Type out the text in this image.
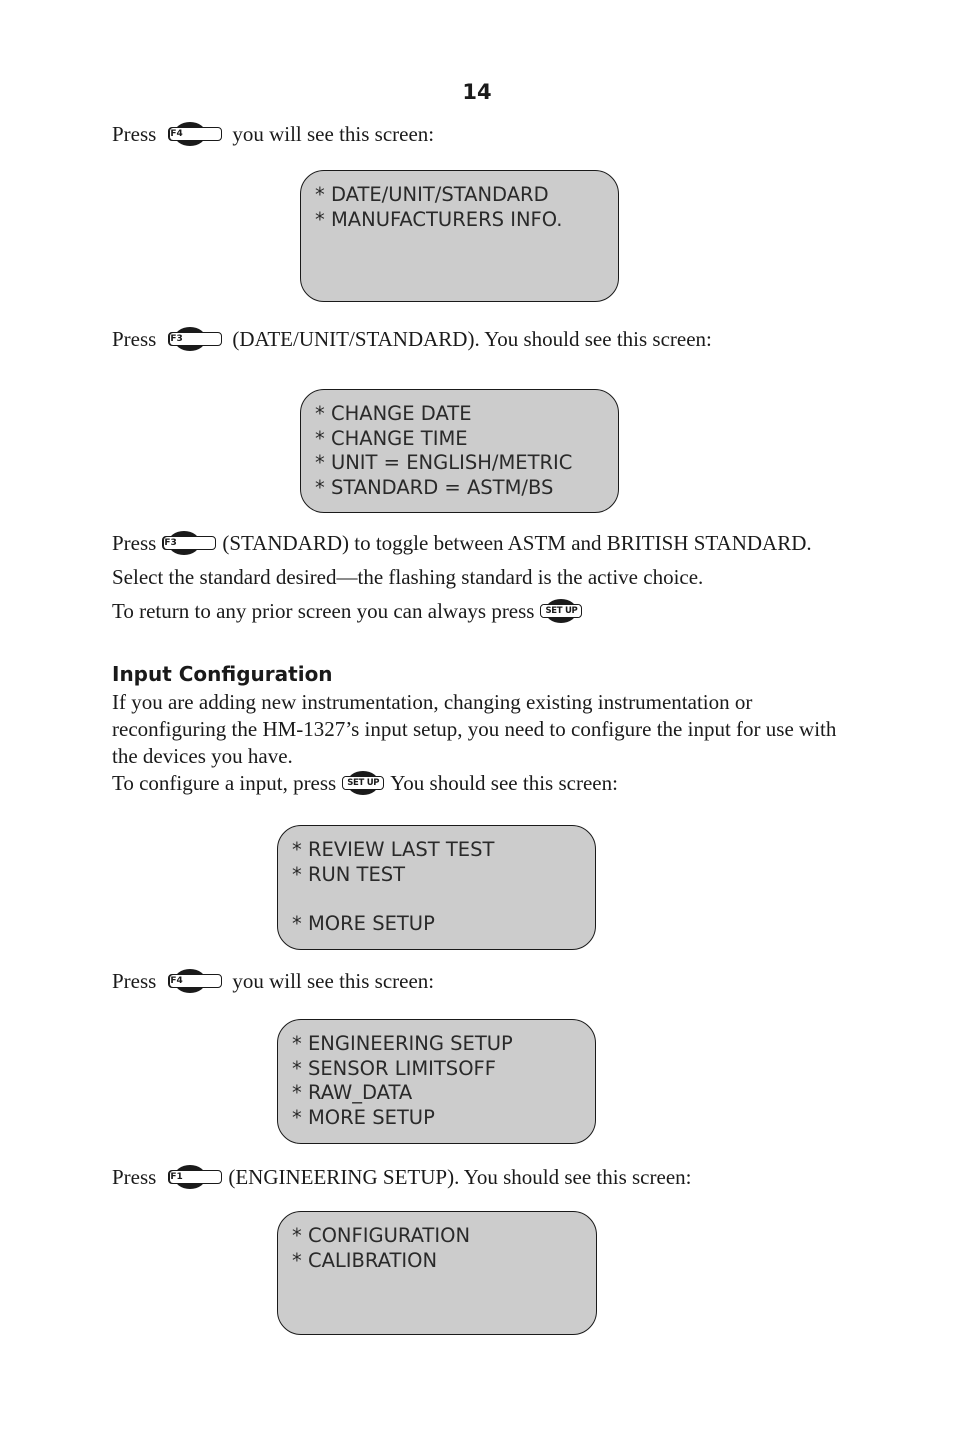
14
Press F4 you will see this screen:
* DATE/UNIT/STANDARD
* MANUFACTURERS INFO.
Press F3 (DATE/UNIT/STANDARD). You should see this screen:
* CHANGE DATE
* CHANGE TIME
* UNIT = ENGLISH/METRIC
* STANDARD = ASTM/BS
Press F3 (STANDARD) to toggle between ASTM and BRITISH STANDARD.
Select the standard desired—the flashing standard is the active choice.
To return to any prior screen you can always press SET UP
Input Configuration
If you are adding new instrumentation, changing existing instrumentation or reconfiguring the HM-1327’s input setup, you need to configure the input for use with the devices you have.
To configure a input, press SET UP You should see this screen:
* REVIEW LAST TEST
* RUN TEST
* MORE SETUP
Press F4 you will see this screen:
* ENGINEERING SETUP
* SENSOR LIMITSOFF
* RAW_DATA
* MORE SETUP
Press F1 (ENGINEERING SETUP). You should see this screen:
* CONFIGURATION
* CALIBRATION
